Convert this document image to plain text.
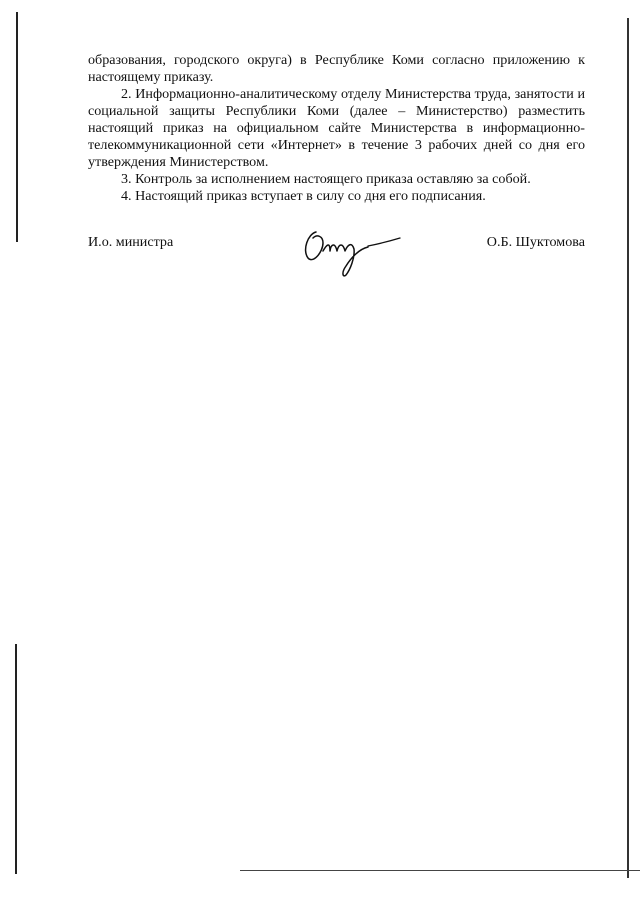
образования, городского округа) в Республике Коми согласно приложению к настоящему приказу.

2. Информационно-аналитическому отделу Министерства труда, занятости и социальной защиты Республики Коми (далее – Министерство) разместить настоящий приказ на официальном сайте Министерства в информационно-телекоммуникационной сети «Интернет» в течение 3 рабочих дней со дня его утверждения Министерством.

3. Контроль за исполнением настоящего приказа оставляю за собой.

4. Настоящий приказ вступает в силу со дня его подписания.

И.о. министра	О.Б. Шуктомова
